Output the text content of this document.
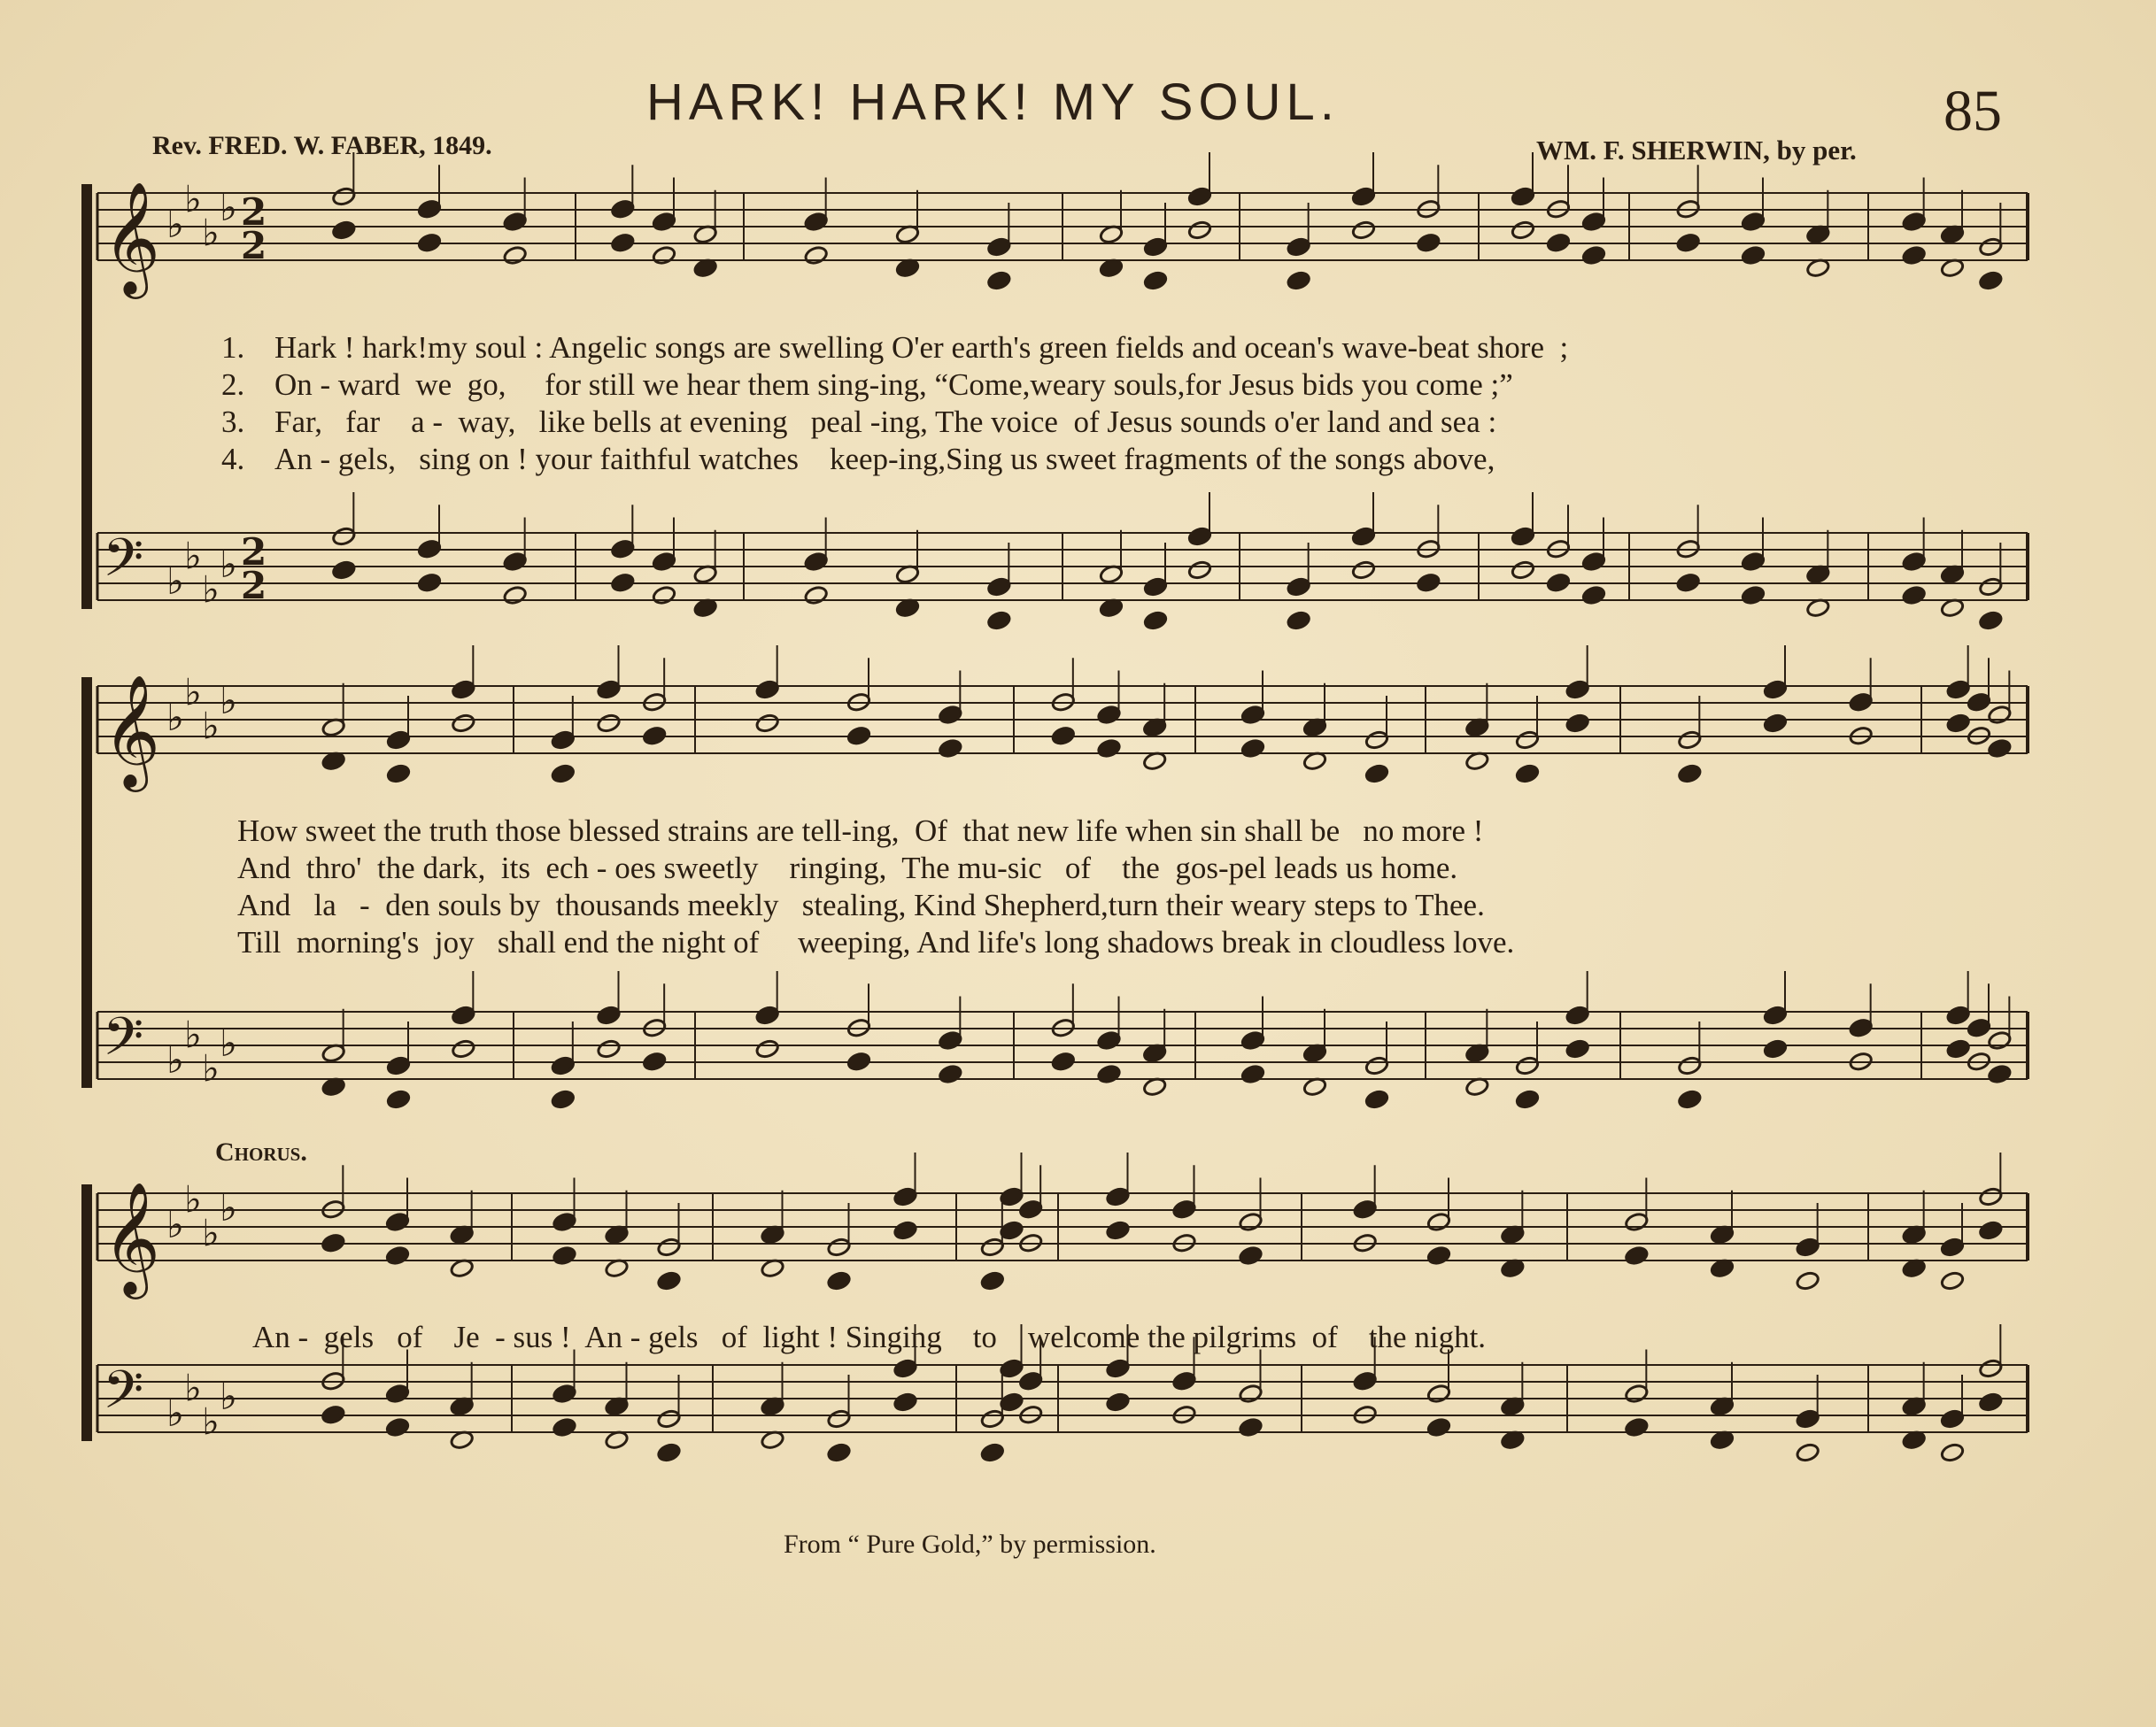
HARK! HARK! MY SOUL.	85
Rev. FRED. W. FABER, 1849.	WM. F. SHERWIN, by per.
𝄞 ♭
♭
♭
♭
𝄢 ♭
♭
♭
♭
2
2
2
2
𝄞 ♭
♭
♭
♭
𝄢 ♭
♭
♭
♭
𝄞 ♭
♭
♭
♭
𝄢 ♭
♭
♭
♭
1. Hark ! hark!my soul : Angelic songs are swelling O'er earth's green fields and ocean's wave-beat shore  ;
2. On - ward  we  go,     for still we hear them sing-ing, “Come,weary souls,for Jesus bids you come ;”
3. Far,   far    a -  way,   like bells at evening   peal -ing, The voice  of Jesus sounds o'er land and sea :
4. An - gels,   sing on ! your faithful watches    keep-ing,Sing us sweet fragments of the songs above,
How sweet the truth those blessed strains are tell-ing,  Of  that new life when sin shall be   no more !
And  thro'  the dark,  its  ech - oes sweetly    ringing,  The mu-sic   of    the  gos-pel leads us home.
And   la   -  den souls by  thousands meekly   stealing, Kind Shepherd,turn their weary steps to Thee.
Till  morning's  joy   shall end the night of     weeping, And life's long shadows break in cloudless love.
Chorus.
An -  gels   of    Je  - sus !  An - gels   of  light ! Singing    to    welcome the pilgrims  of    the night.
From “ Pure Gold,” by permission.
